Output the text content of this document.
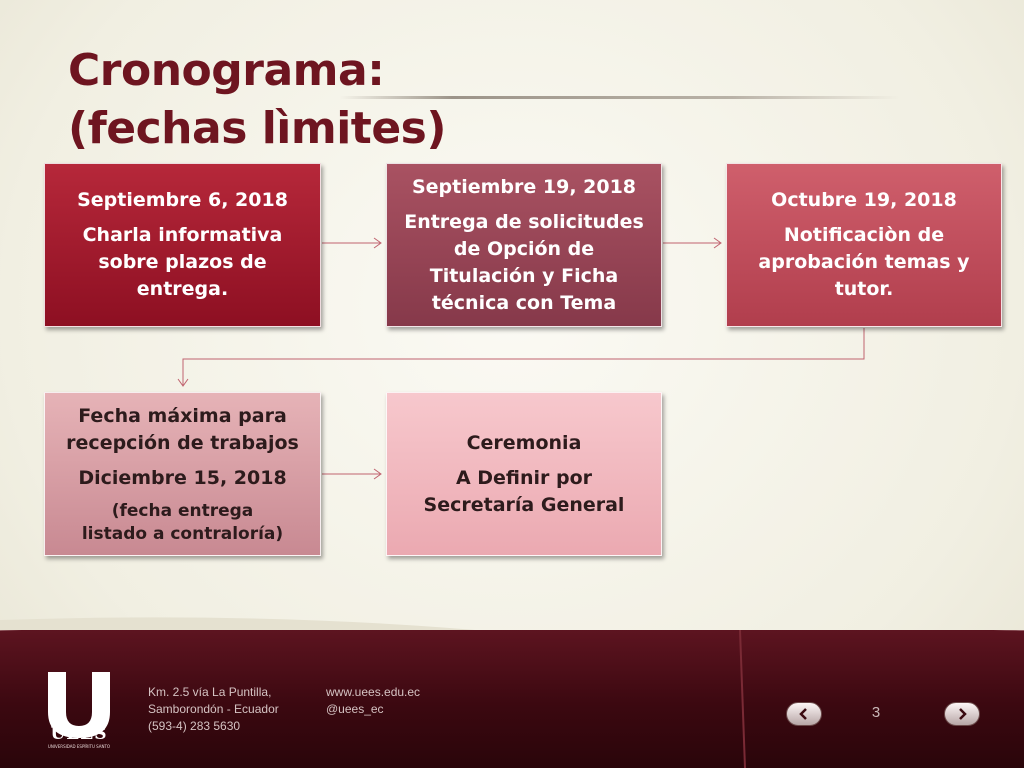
Cronograma:
(fechas lìmites)
Septiembre 6, 2018
Charla informativa
sobre plazos de
entrega.
Septiembre 19, 2018
Entrega de solicitudes
de Opción de
Titulación y Ficha
técnica con Tema
Octubre 19, 2018
Notificaciòn de
aprobación temas y
tutor.
Fecha máxima para
recepción de trabajos
Diciembre 15, 2018
(fecha entrega
listado a contraloría)
Ceremonia
A Definir por
Secretaría General
UEES
UNIVERSIDAD ESPÍRITU SANTO
Km. 2.5 vía La Puntilla,
Samborondón - Ecuador
(593-4) 283 5630
www.uees.edu.ec
@uees_ec	3
